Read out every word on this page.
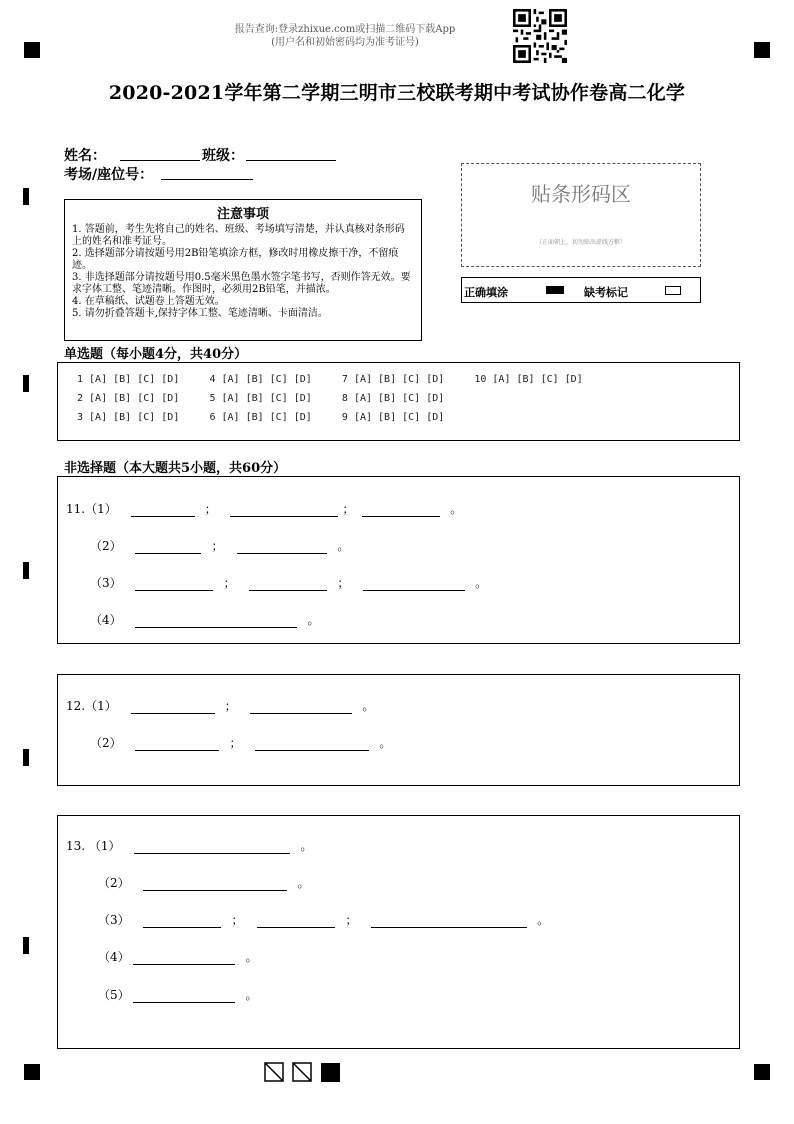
报告查询:登录zhixue.com或扫描二维码下载App
(用户名和初始密码均为准考证号)
2020-2021学年第二学期三明市三校联考期中考试协作卷高二化学
姓名：	班级：
考场/座位号：
注意事项

1. 答题前，考生先将自己的姓名、班级、考场填写清楚，并认真核对条形码上的姓名和准考证号。

2. 选择题部分请按题号用2B铅笔填涂方框，修改时用橡皮擦干净，不留痕迹。

3. 非选择题部分请按题号用0.5毫米黑色墨水签字笔书写，否则作答无效。要求字体工整、笔迹清晰。作图时，必须用2B铅笔，并描浓。

4. 在草稿纸、试题卷上答题无效。

5. 请勿折叠答题卡,保持字体工整、笔迹清晰、卡面清洁。

贴条形码区
（正面朝上，切勿贴出虚线方框）
正确填涂	缺考标记
单选题（每小题4分，共40分）
1 [A] [B] [C] [D]     4 [A] [B] [C] [D]     7 [A] [B] [C] [D]     10 [A] [B] [C] [D]
2 [A] [B] [C] [D]     5 [A] [B] [C] [D]     8 [A] [B] [C] [D]
3 [A] [B] [C] [D]     6 [A] [B] [C] [D]     9 [A] [B] [C] [D]
非选择题（本大题共5小题，共60分）
11.（1）	；	；	。
（2）	；	。
（3）	；	；	。
（4）	。
12.（1）	；	。
（2）	；	。
13. （1）	。
（2）	。
（3）	；	；	。
（4）	。
（5）	。
